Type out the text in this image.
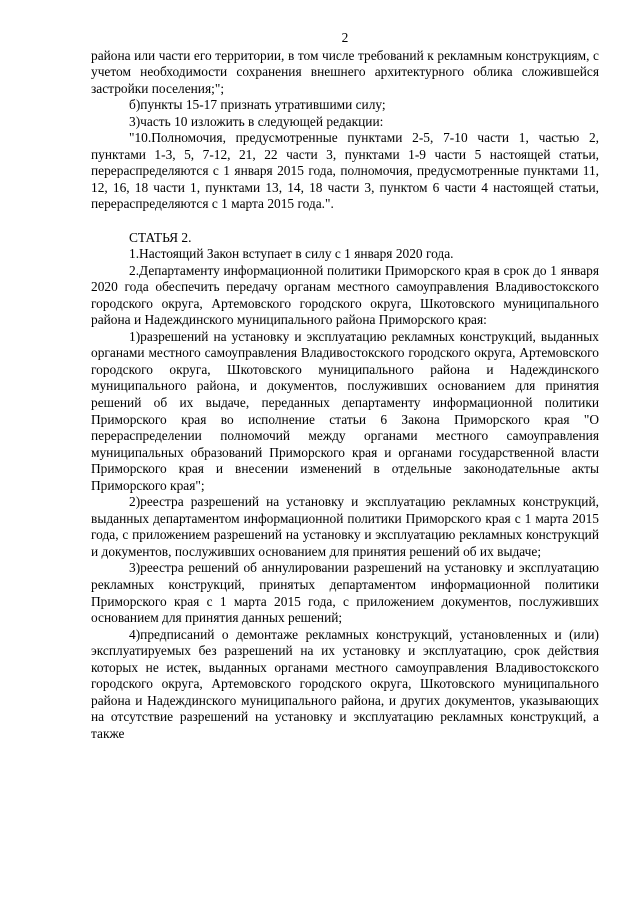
2

района или части его территории, в том числе требований к рекламным конструкциям, с учетом необходимости сохранения внешнего архитектурного облика сложившейся застройки поселения;";

б)пункты 15-17 признать утратившими силу;

3)часть 10 изложить в следующей редакции:

"10.Полномочия, предусмотренные пунктами 2-5, 7-10 части 1, частью 2, пунктами 1-3, 5, 7-12, 21, 22 части 3, пунктами 1-9 части 5 настоящей статьи, перераспределяются с 1 января 2015 года, полномочия, предусмотренные пунктами 11, 12, 16, 18 части 1, пунктами 13, 14, 18 части 3, пунктом 6 части 4 настоящей статьи, перераспределяются с 1 марта 2015 года.".

СТАТЬЯ 2.

1.Настоящий Закон вступает в силу с 1 января 2020 года.

2.Департаменту информационной политики Приморского края в срок до 1 января 2020 года обеспечить передачу органам местного самоуправления Владивостокского городского округа, Артемовского городского округа, Шкотовского муниципального района и Надеждинского муниципального района Приморского края:

1)разрешений на установку и эксплуатацию рекламных конструкций, выданных органами местного самоуправления Владивостокского городского округа, Артемовского городского округа, Шкотовского муниципального района и Надеждинского муниципального района, и документов, послуживших основанием для принятия решений об их выдаче, переданных департаменту информационной политики Приморского края во исполнение статьи 6 Закона Приморского края "О перераспределении полномочий между органами местного самоуправления муниципальных образований Приморского края и органами государственной власти Приморского края и внесении изменений в отдельные законодательные акты Приморского края";

2)реестра разрешений на установку и эксплуатацию рекламных конструкций, выданных департаментом информационной политики Приморского края с 1 марта 2015 года, с приложением разрешений на установку и эксплуатацию рекламных конструкций и документов, послуживших основанием для принятия решений об их выдаче;

3)реестра решений об аннулировании разрешений на установку и эксплуатацию рекламных конструкций, принятых департаментом информационной политики Приморского края с 1 марта 2015 года, с приложением документов, послуживших основанием для принятия данных решений;

4)предписаний о демонтаже рекламных конструкций, установленных и (или) эксплуатируемых без разрешений на их установку и эксплуатацию, срок действия которых не истек, выданных органами местного самоуправления Владивостокского городского округа, Артемовского городского округа, Шкотовского муниципального района и Надеждинского муниципального района, и других документов, указывающих на отсутствие разрешений на установку и эксплуатацию рекламных конструкций, а также
